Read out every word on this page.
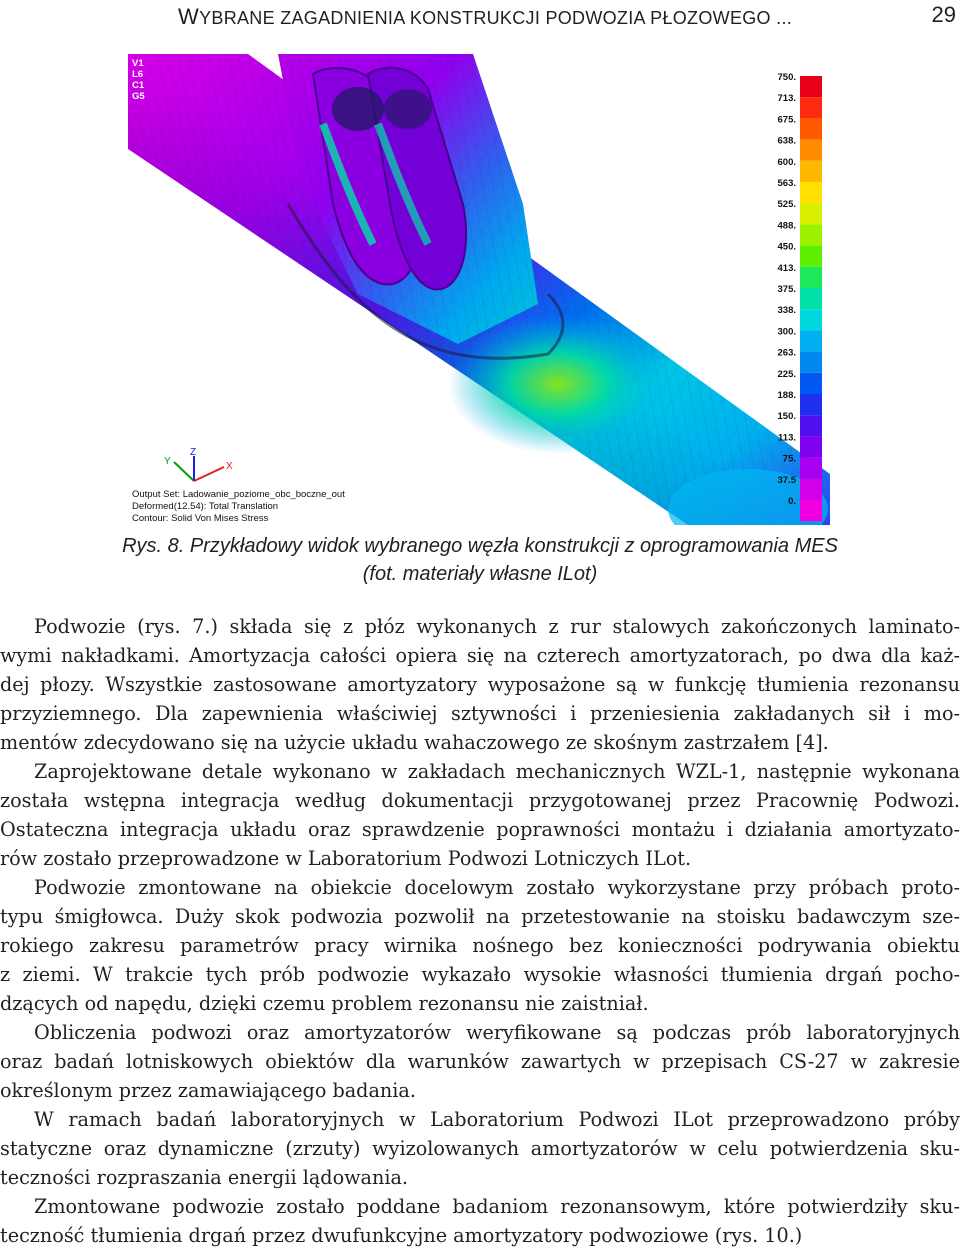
WYBRANE ZAGADNIENIA KONSTRUKCJI PODWOZIA PŁOZOWEGO ...	29
V1
L6
C1
G5
Y
Z
X
Output Set: Ladowanie_poziome_obc_boczne_out
Deformed(12.54): Total Translation
Contour: Solid Von Mises Stress
750.
713.
675.
638.
600.
563.
525.
488.
450.
413.
375.
338.
300.
263.
225.
188.
150.
113.
75.
37.5
0.
Rys. 8. Przykładowy widok wybranego węzła konstrukcji z oprogramowania MES
(fot. materiały własne ILot)
Podwozie (rys. 7.) składa się z płóz wykonanych z rur stalowych zakończonych laminato-
wymi nakładkami. Amortyzacja całości opiera się na czterech amortyzatorach, po dwa dla każ-
dej płozy. Wszystkie zastosowane amortyzatory wyposażone są w funkcję tłumienia rezonansu
przyziemnego. Dla zapewnienia właściwiej sztywności i przeniesienia zakładanych sił i mo-
mentów zdecydowano się na użycie układu wahaczowego ze skośnym zastrzałem [4].
Zaprojektowane detale wykonano w zakładach mechanicznych WZL-1, następnie wykonana
została wstępna integracja według dokumentacji przygotowanej przez Pracownię Podwozi.
Ostateczna integracja układu oraz sprawdzenie poprawności montażu i działania amortyzato-
rów zostało przeprowadzone w Laboratorium Podwozi Lotniczych ILot.
Podwozie zmontowane na obiekcie docelowym zostało wykorzystane przy próbach proto-
typu śmigłowca. Duży skok podwozia pozwolił na przetestowanie na stoisku badawczym sze-
rokiego zakresu parametrów pracy wirnika nośnego bez konieczności podrywania obiektu
z ziemi. W trakcie tych prób podwozie wykazało wysokie własności tłumienia drgań pocho-
dzących od napędu, dzięki czemu problem rezonansu nie zaistniał.
Obliczenia podwozi oraz amortyzatorów weryfikowane są podczas prób laboratoryjnych
oraz badań lotniskowych obiektów dla warunków zawartych w przepisach CS-27 w zakresie
określonym przez zamawiającego badania.
W ramach badań laboratoryjnych w Laboratorium Podwozi ILot przeprowadzono próby
statyczne oraz dynamiczne (zrzuty) wyizolowanych amortyzatorów w celu potwierdzenia sku-
teczności rozpraszania energii lądowania.
Zmontowane podwozie zostało poddane badaniom rezonansowym, które potwierdziły sku-
teczność tłumienia drgań przez dwufunkcyjne amortyzatory podwoziowe (rys. 10.)
